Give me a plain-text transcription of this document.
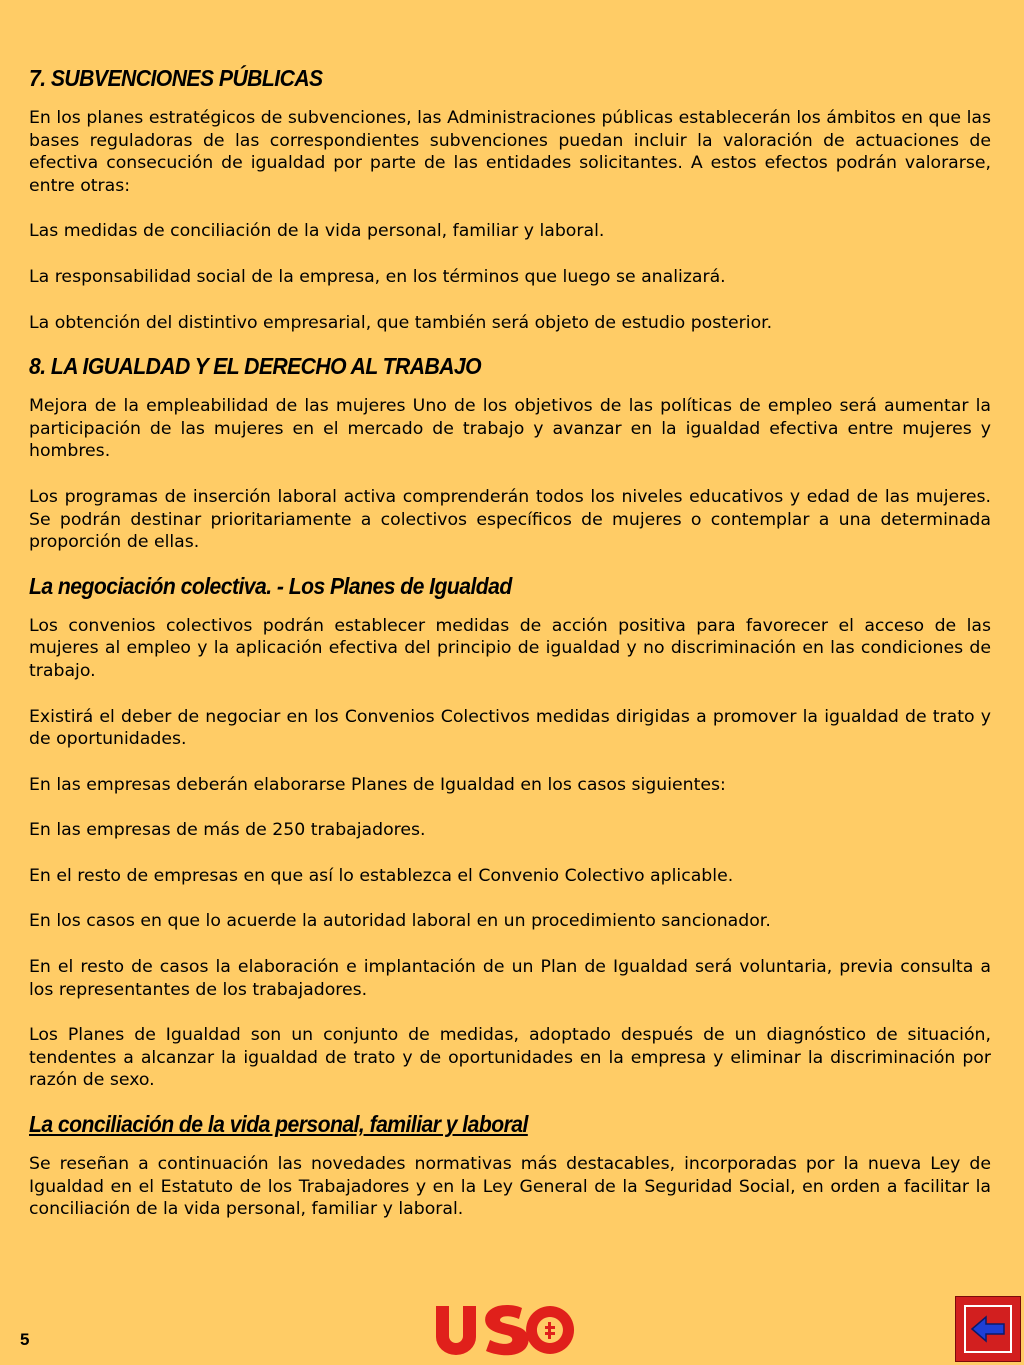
7. SUBVENCIONES PÚBLICAS

En los planes estratégicos de subvenciones, las Administraciones públicas establecerán los ámbitos en que las bases reguladoras de las correspondientes subvenciones puedan incluir la valoración de actuaciones de efectiva consecución de igualdad por parte de las entidades solicitantes. A estos efectos podrán valorarse, entre otras:

Las medidas de conciliación de la vida personal, familiar y laboral.

La responsabilidad social de la empresa, en los términos que luego se analizará.

La obtención del distintivo empresarial, que también será objeto de estudio posterior.

8. LA IGUALDAD Y EL DERECHO AL TRABAJO

Mejora de la empleabilidad de las mujeres Uno de los objetivos de las políticas de empleo será aumentar la participación de las mujeres en el mercado de trabajo y avanzar en la igualdad efectiva entre mujeres y hombres.

Los programas de inserción laboral activa comprenderán todos los niveles educativos y edad de las mujeres. Se podrán destinar prioritariamente a colectivos específicos de mujeres o contemplar a una determinada proporción de ellas.

La negociación colectiva. - Los Planes de Igualdad

Los convenios colectivos podrán establecer medidas de acción positiva para favorecer el acceso de las mujeres al empleo y la aplicación efectiva del principio de igualdad y no discriminación en las condiciones de trabajo.

Existirá el deber de negociar en los Convenios Colectivos medidas dirigidas a promover la igualdad de trato y de oportunidades.

En las empresas deberán elaborarse Planes de Igualdad en los casos siguientes:

En las empresas de más de 250 trabajadores.

En el resto de empresas en que así lo establezca el Convenio Colectivo aplicable.

En los casos en que lo acuerde la autoridad laboral en un procedimiento sancionador.

En el resto de casos la elaboración e implantación de un Plan de Igualdad será voluntaria, previa consulta a los representantes de los trabajadores.

Los Planes de Igualdad son un conjunto de medidas, adoptado después de un diagnóstico de situación, tendentes a alcanzar la igualdad de trato y de oportunidades en la empresa y eliminar la discriminación por razón de sexo.

La conciliación de la vida personal, familiar y laboral

Se reseñan a continuación las novedades normativas más destacables, incorporadas por la nueva Ley de Igualdad en el Estatuto de los Trabajadores y en la Ley General de la Seguridad Social, en orden a facilitar la conciliación de la vida personal, familiar y laboral.

5
